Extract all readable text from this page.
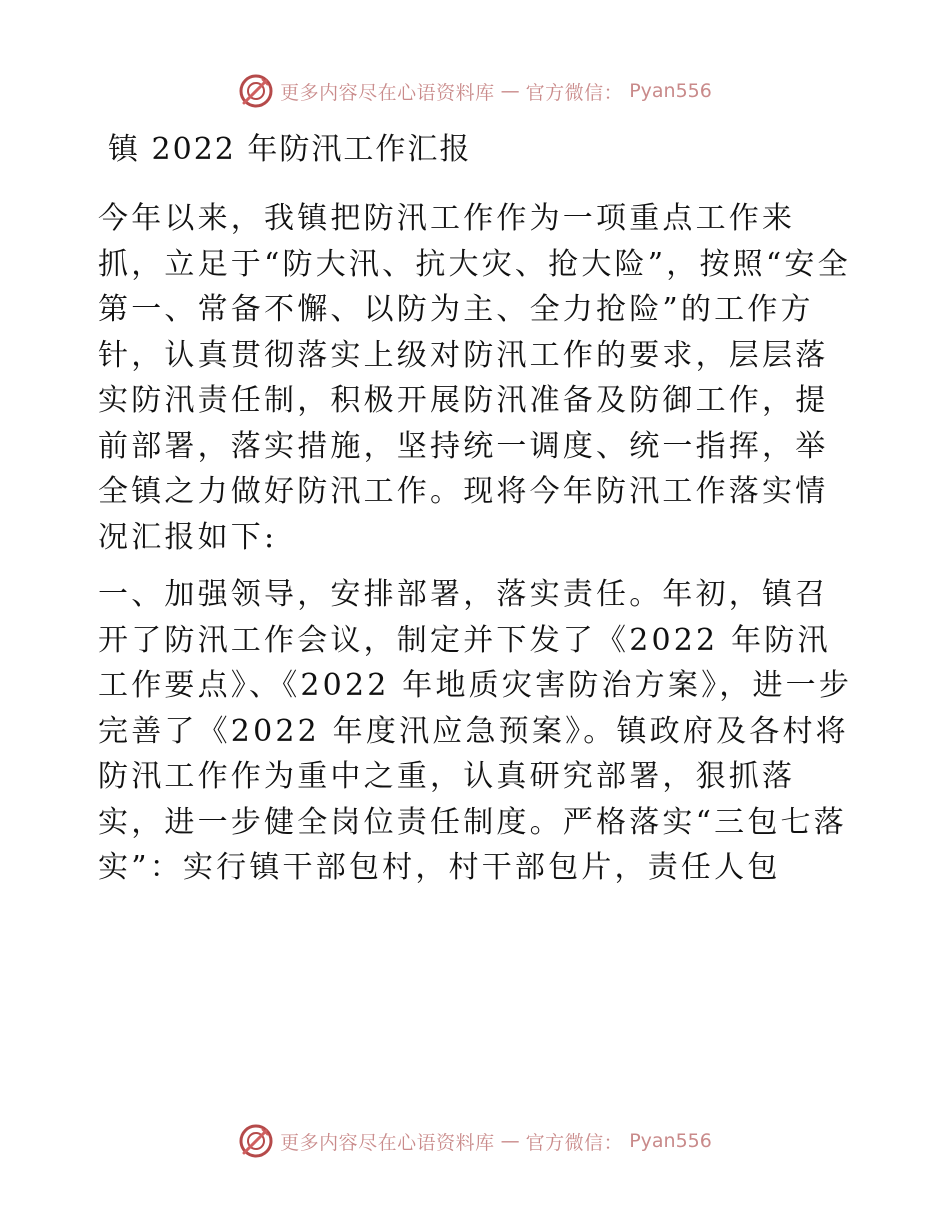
更多内容尽在心语资料库 — 官方微信： Pyan556
镇 2022 年防汛工作汇报

今年以来，我镇把防汛工作作为一项重点工作来抓，立足于“防大汛、抗大灾、抢大险”，按照“安全第一、常备不懈、以防为主、全力抢险”的工作方针，认真贯彻落实上级对防汛工作的要求，层层落实防汛责任制，积极开展防汛准备及防御工作，提前部署，落实措施，坚持统一调度、统一指挥，举全镇之力做好防汛工作。现将今年防汛工作落实情况汇报如下:

一、加强领导，安排部署，落实责任。年初，镇召开了防汛工作会议，制定并下发了《2022 年防汛工作要点》、《2022 年地质灾害防治方案》，进一步完善了《2022 年度汛应急预案》。镇政府及各村将防汛工作作为重中之重，认真研究部署，狠抓落实，进一步健全岗位责任制度。严格落实“三包七落实”：实行镇干部包村，村干部包片，责任人包

更多内容尽在心语资料库 — 官方微信： Pyan556
